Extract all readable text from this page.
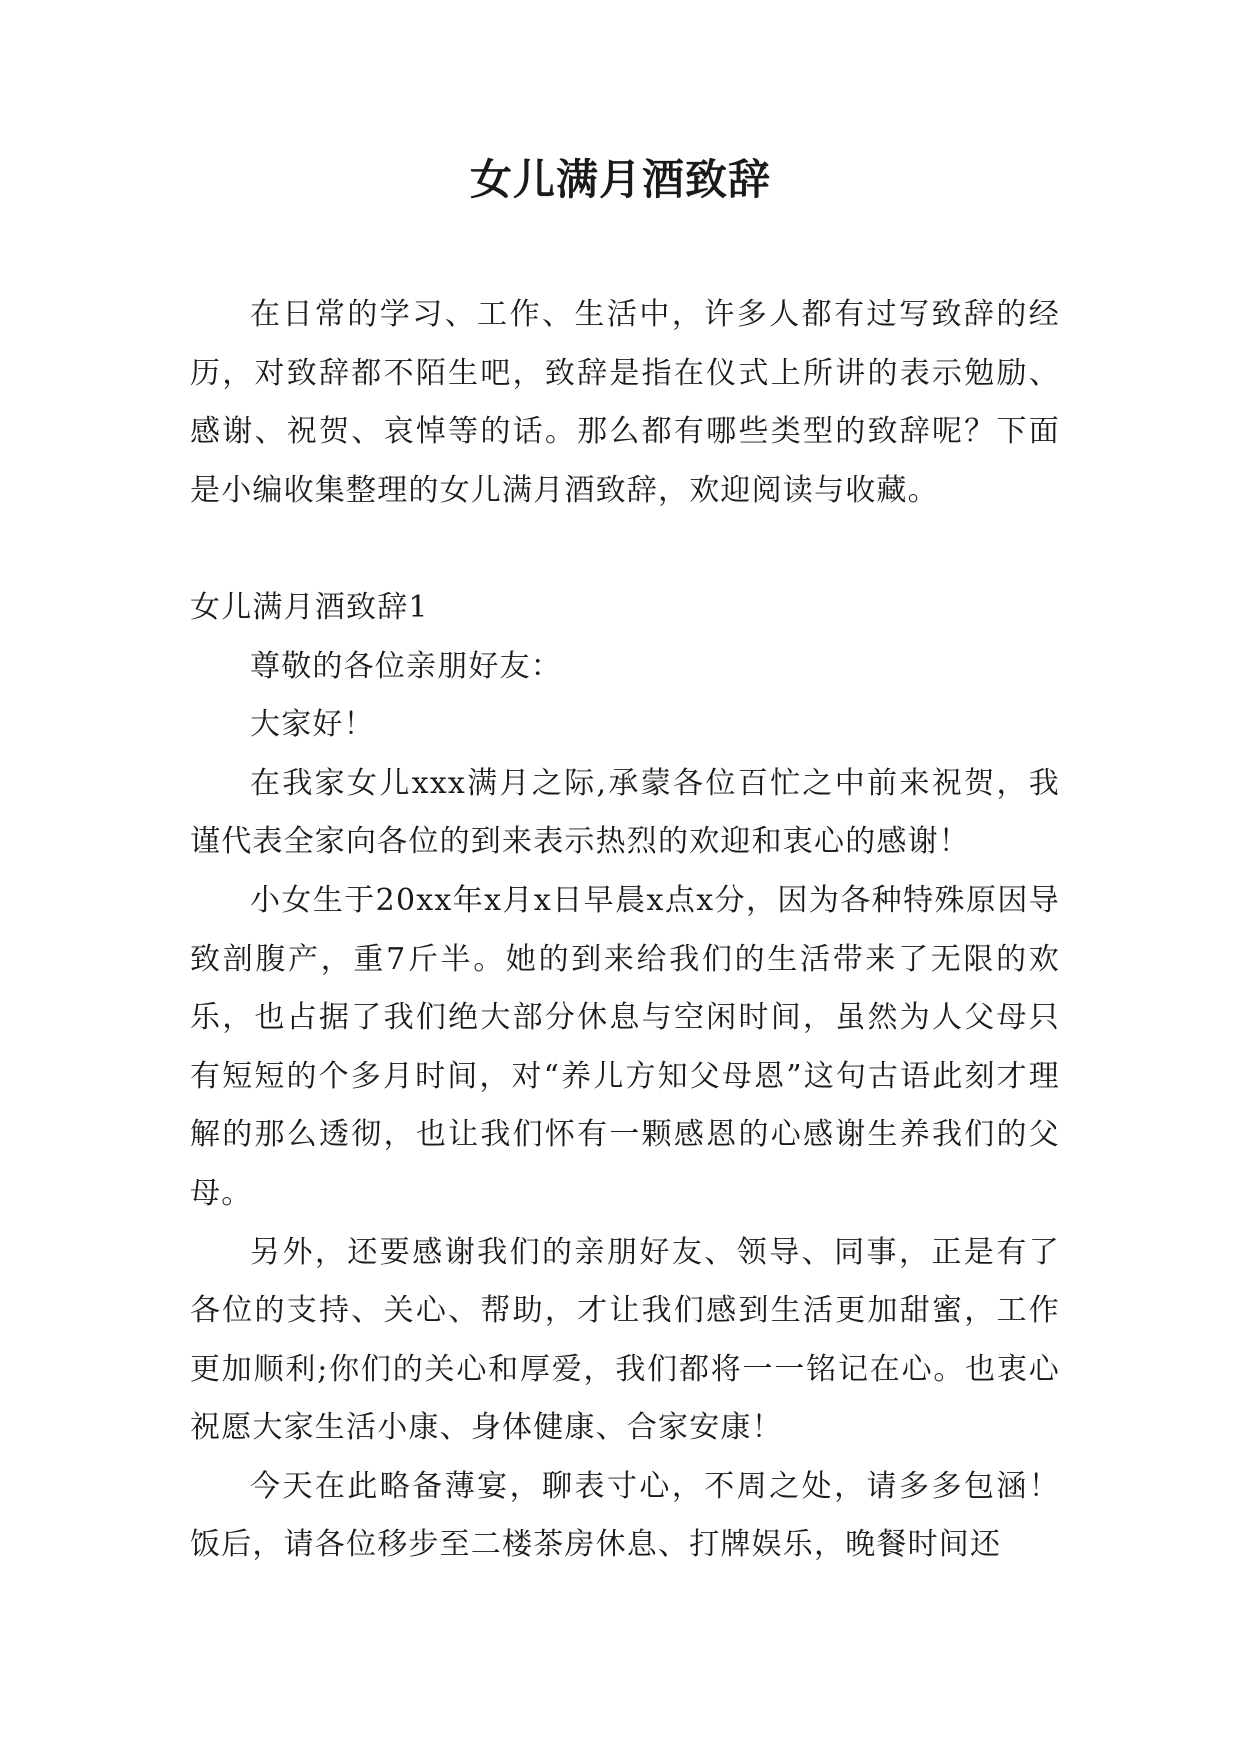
女儿满月酒致辞

在日常的学习、工作、生活中，许多人都有过写致辞的经历，对致辞都不陌生吧，致辞是指在仪式上所讲的表示勉励、感谢、祝贺、哀悼等的话。那么都有哪些类型的致辞呢？下面是小编收集整理的女儿满月酒致辞，欢迎阅读与收藏。

女儿满月酒致辞1

尊敬的各位亲朋好友：

大家好！

在我家女儿xxx满月之际,承蒙各位百忙之中前来祝贺，我谨代表全家向各位的到来表示热烈的欢迎和衷心的感谢！

小女生于20xx年x月x日早晨x点x分，因为各种特殊原因导致剖腹产，重7斤半。她的到来给我们的生活带来了无限的欢乐，也占据了我们绝大部分休息与空闲时间，虽然为人父母只有短短的个多月时间，对“养儿方知父母恩”这句古语此刻才理解的那么透彻，也让我们怀有一颗感恩的心感谢生养我们的父母。

另外，还要感谢我们的亲朋好友、领导、同事，正是有了各位的支持、关心、帮助，才让我们感到生活更加甜蜜，工作更加顺利;你们的关心和厚爱，我们都将一一铭记在心。也衷心祝愿大家生活小康、身体健康、合家安康！

今天在此略备薄宴，聊表寸心，不周之处，请多多包涵！饭后，请各位移步至二楼茶房休息、打牌娱乐，晚餐时间还
